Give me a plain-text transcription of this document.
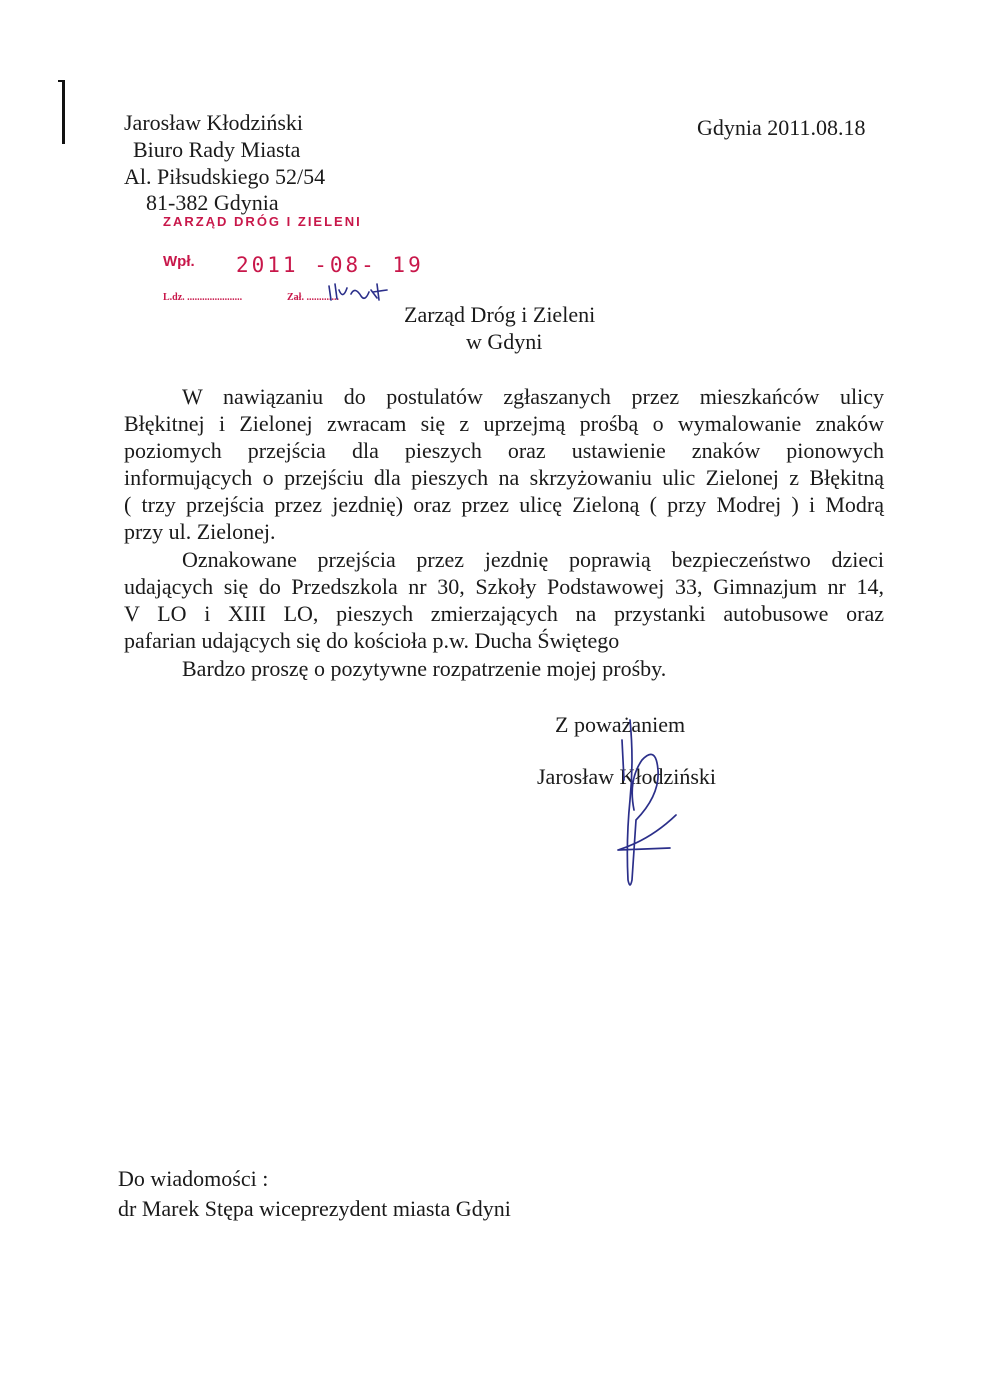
Jarosław Kłodziński
Biuro Rady Miasta
Al. Piłsudskiego 52/54
81-382 Gdynia
Gdynia 2011.08.18
ZARZĄD DRÓG I ZIELENI
Wpł. 2011 -08- 19
L.dz. ......................	Zał. .............
Zarząd Dróg i Zieleni
w Gdyni

W nawiązaniu do postulatów zgłaszanych przez mieszkańców ulicy

Błękitnej i Zielonej zwracam się z uprzejmą prośbą o wymalowanie znaków

poziomych przejścia dla pieszych oraz ustawienie znaków pionowych

informujących o przejściu dla pieszych na skrzyżowaniu ulic Zielonej z Błękitną

( trzy przejścia przez jezdnię) oraz przez ulicę Zieloną ( przy Modrej ) i Modrą

przy ul. Zielonej.

Oznakowane przejścia przez jezdnię poprawią bezpieczeństwo dzieci

udających się do Przedszkola nr 30, Szkoły Podstawowej 33, Gimnazjum nr 14,

V LO i XIII LO, pieszych zmierzających na przystanki autobusowe oraz

pafarian udających się do kościoła p.w. Ducha Świętego

Bardzo proszę o pozytywne rozpatrzenie mojej prośby.

Z poważaniem
Jarosław Kłodziński
Do wiadomości :
dr Marek Stępa wiceprezydent miasta Gdyni
